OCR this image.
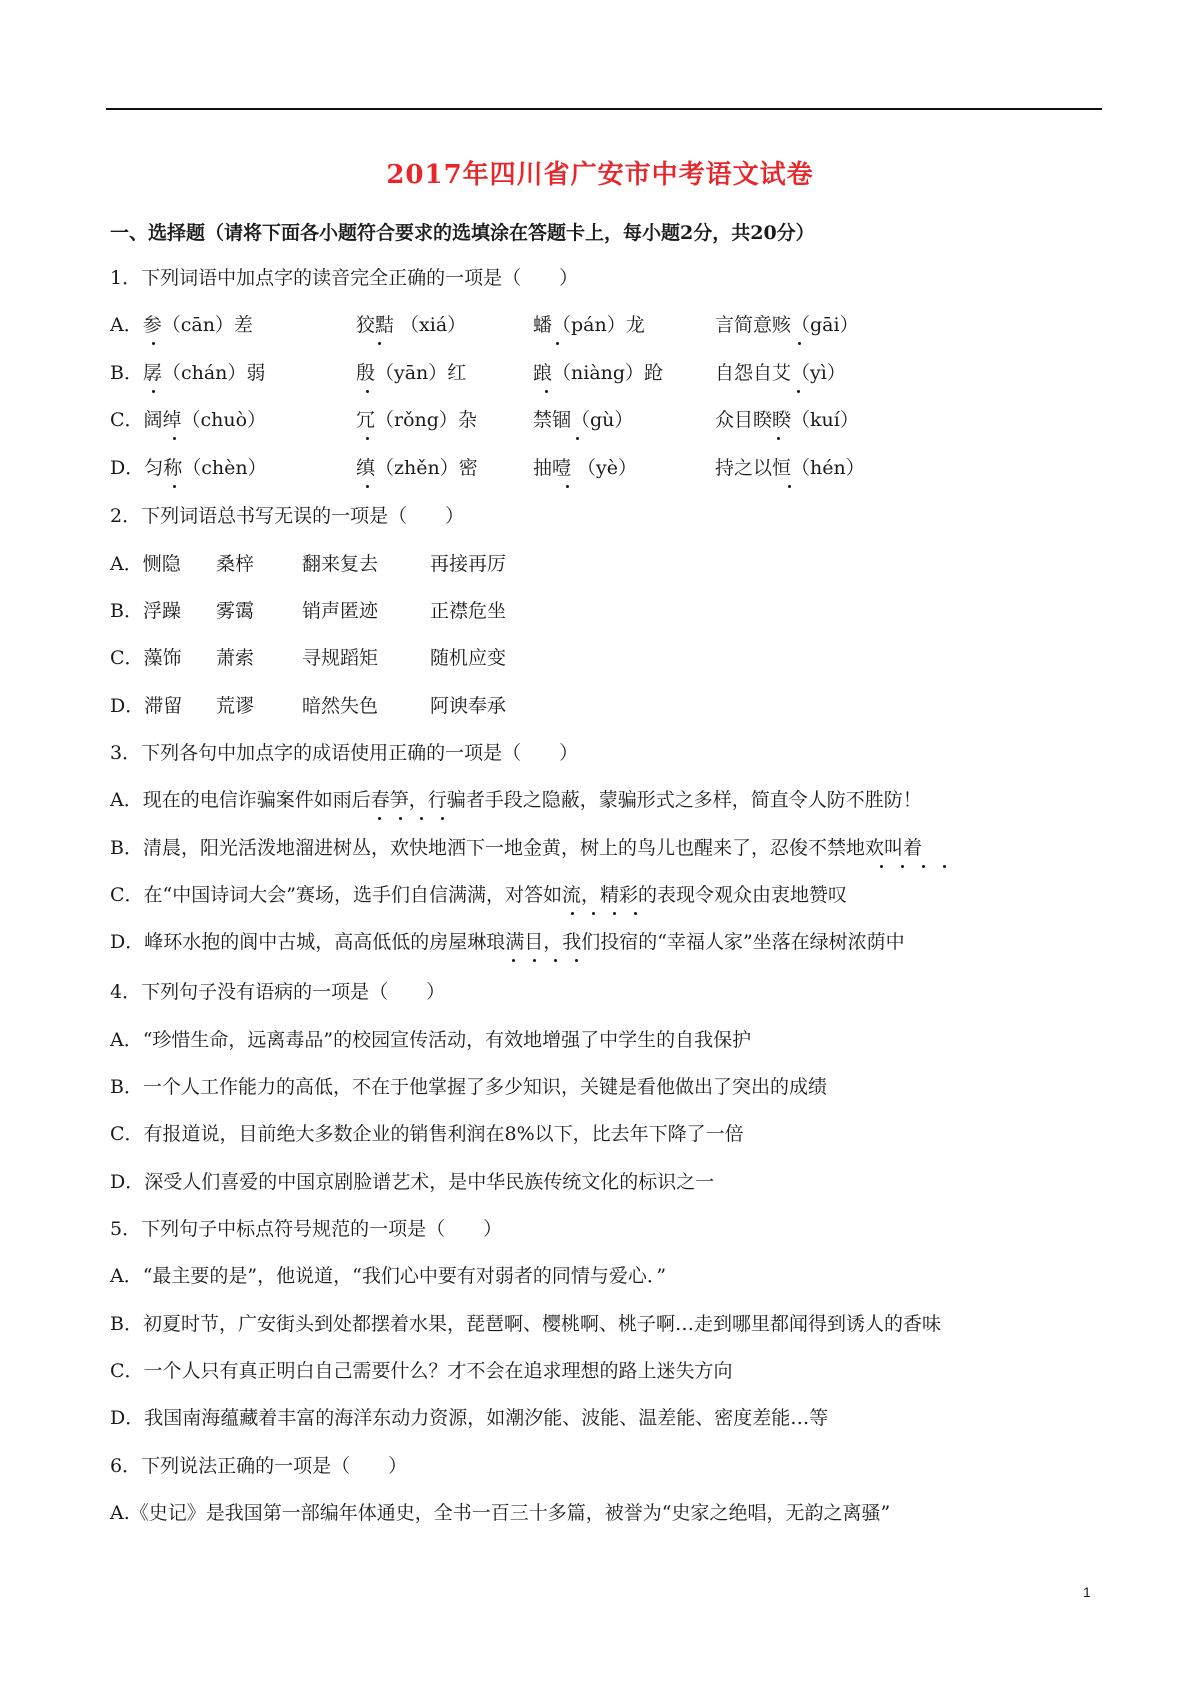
2017年四川省广安市中考语文试卷
一、选择题（请将下面各小题符合要求的选填涂在答题卡上，每小题2分，共20分）
1．下列词语中加点字的读音完全正确的一项是（　　）
A．参（cān）差	狡黠 （xiá）	蟠（pán）龙	言简意赅（gāi）
B．孱（chán）弱	殷（yān）红	踉（niàng）跄	自怨自艾（yì）
C．阔绰（chuò）	冗（rǒng）杂	禁锢（gù）	众目睽睽（kuí）
D．匀称（chèn）	缜（zhěn）密	抽噎 （yè）	持之以恒（hén）
2．下列词语总书写无误的一项是（　　）
A．恻隐 桑梓	翻来复去	再接再厉
B．浮躁 雾霭	销声匿迹	正襟危坐
C．藻饰 萧索	寻规蹈矩	随机应变
D．滞留 荒谬	暗然失色	阿谀奉承
3．下列各句中加点字的成语使用正确的一项是（　　）
A．现在的电信诈骗案件如雨后春笋，行骗者手段之隐蔽，蒙骗形式之多样，简直令人防不胜防！
B．清晨，阳光活泼地溜进树丛，欢快地洒下一地金黄，树上的鸟儿也醒来了，忍俊不禁地欢叫着
C．在“中国诗词大会”赛场，选手们自信满满，对答如流，精彩的表现令观众由衷地赞叹
D．峰环水抱的阆中古城，高高低低的房屋琳琅满目，我们投宿的“幸福人家”坐落在绿树浓荫中
4．下列句子没有语病的一项是（　　）
A．“珍惜生命，远离毒品”的校园宣传活动，有效地增强了中学生的自我保护
B．一个人工作能力的高低，不在于他掌握了多少知识，关键是看他做出了突出的成绩
C．有报道说，目前绝大多数企业的销售利润在8%以下，比去年下降了一倍
D．深受人们喜爱的中国京剧脸谱艺术，是中华民族传统文化的标识之一
5．下列句子中标点符号规范的一项是（　　）
A．“最主要的是”，他说道，“我们心中要有对弱者的同情与爱心．”
B．初夏时节，广安街头到处都摆着水果，琵琶啊、樱桃啊、桃子啊…走到哪里都闻得到诱人的香味
C．一个人只有真正明白自己需要什么？才不会在追求理想的路上迷失方向
D．我国南海蕴藏着丰富的海洋东动力资源，如潮汐能、波能、温差能、密度差能…等
6．下列说法正确的一项是（　　）
A.《史记》是我国第一部编年体通史，全书一百三十多篇，被誉为“史家之绝唱，无韵之离骚”
1
